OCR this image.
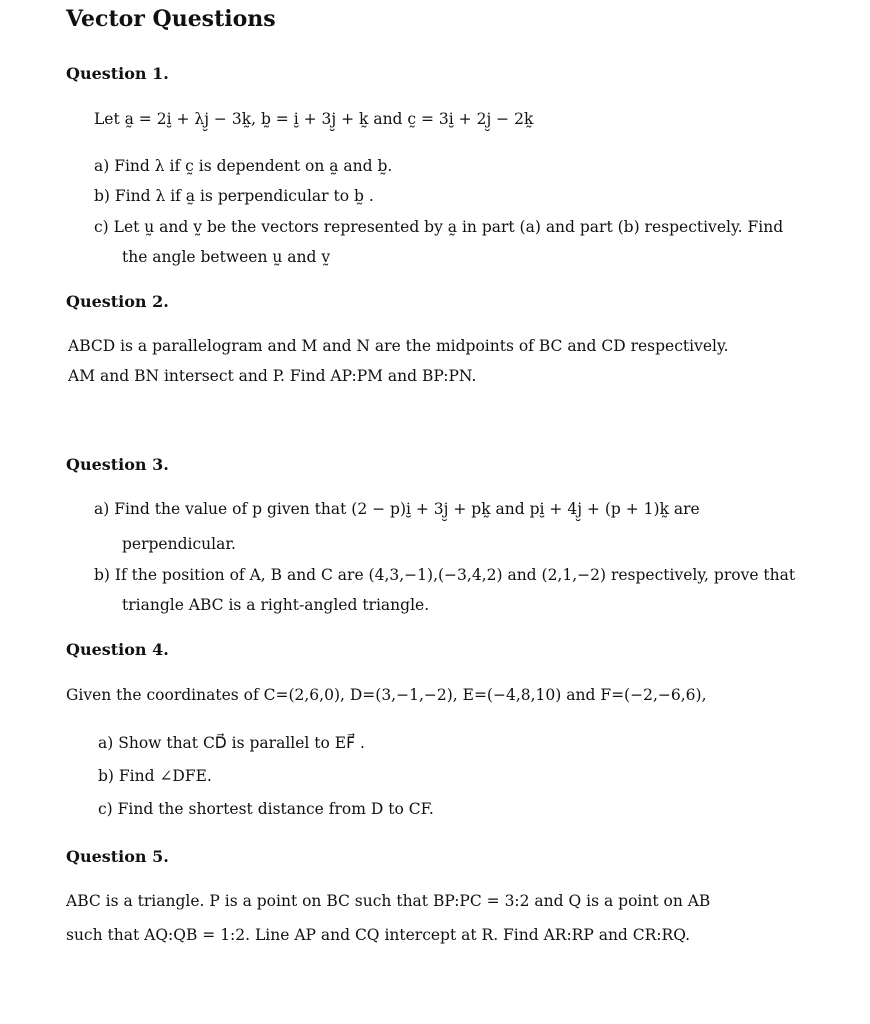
Vector Questions
Question 1.
Let a̰ = 2i̮ + λj̮ − 3k̰, b̰ = i̮ + 3j̮ + k̰ and c̰ = 3i̮ + 2j̮ − 2k̰
a) Find λ if c̰ is dependent on a̰ and b̰.
b) Find λ if a̰ is perpendicular to b̰ .
c) Let ṵ and v̰ be the vectors represented by a̰ in part (a) and part (b) respectively. Find
the angle between ṵ and v̰
Question 2.
ABCD is a parallelogram and M and N are the midpoints of BC and CD respectively.
AM and BN intersect and P. Find AP:PM and BP:PN.
Question 3.
a) Find the value of p given that (2 − p)i̮ + 3j̮ + pk̰ and pi̮ + 4j̮ + (p + 1)k̰ are
perpendicular.
b) If the position of A, B and C are (4,3,−1),(−3,4,2) and (2,1,−2) respectively, prove that
triangle ABC is a right-angled triangle.
Question 4.
Given the coordinates of C=(2,6,0), D=(3,−1,−2), E=(−4,8,10) and F=(−2,−6,6),
a) Show that CD⃗ is parallel to EF⃗ .
b) Find ∠DFE.
c) Find the shortest distance from D to CF.
Question 5.
ABC is a triangle. P is a point on BC such that BP:PC = 3:2 and Q is a point on AB
such that AQ:QB = 1:2. Line AP and CQ intercept at R. Find AR:RP and CR:RQ.
